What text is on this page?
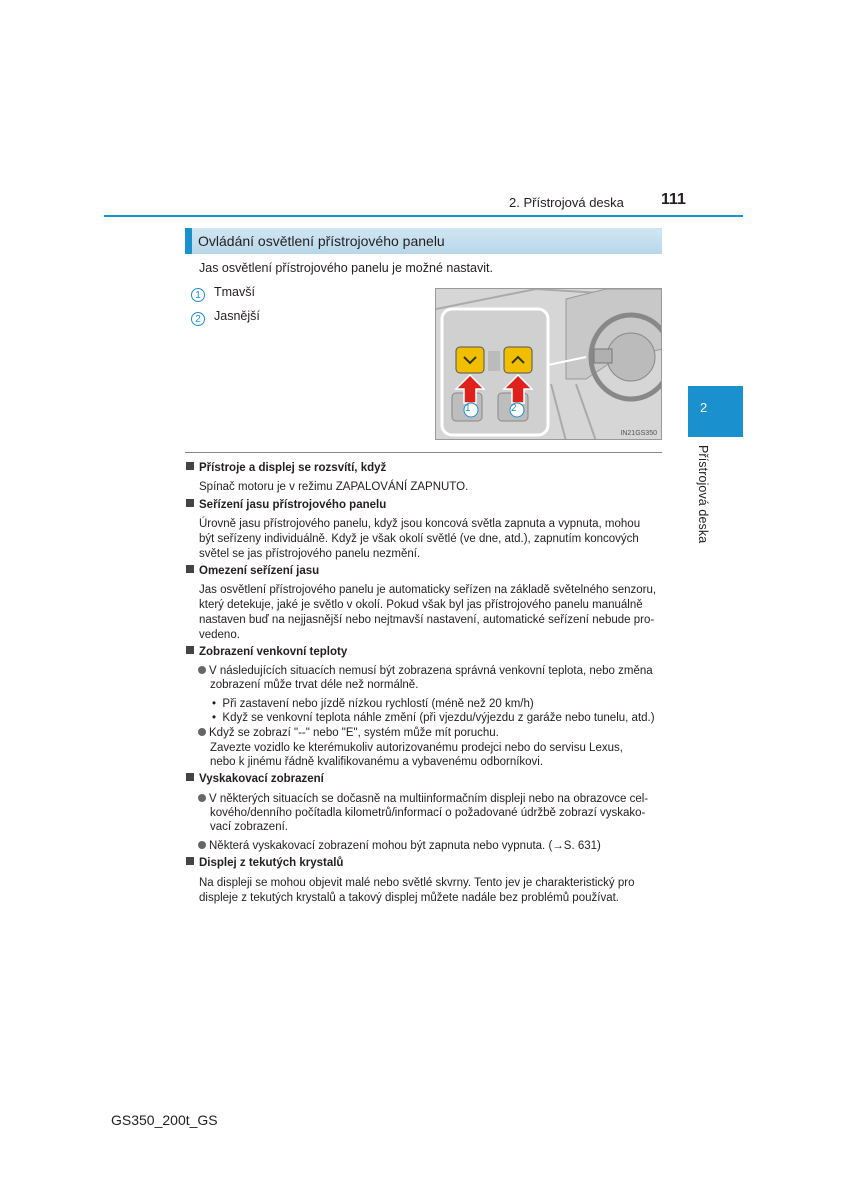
2. Přístrojová deska 111
2
Přístrojová deska
Ovládání osvětlení přístrojového panelu
Jas osvětlení přístrojového panelu je možné nastavit.
1	Tmavší
2	Jasnější
1	2
IN21GS350
Přístroje a displej se rozsvítí, když
Spínač motoru je v režimu ZAPALOVÁNÍ ZAPNUTO.
Seřízení jasu přístrojového panelu
Úrovně jasu přístrojového panelu, když jsou koncová světla zapnuta a vypnuta, mohou
být seřízeny individuálně. Když je však okolí světlé (ve dne, atd.), zapnutím koncových
světel se jas přístrojového panelu nezmění.
Omezení seřízení jasu
Jas osvětlení přístrojového panelu je automaticky seřízen na základě světelného senzoru,
který detekuje, jaké je světlo v okolí. Pokud však byl jas přístrojového panelu manuálně
nastaven buď na nejjasnější nebo nejtmavší nastavení, automatické seřízení nebude pro-
vedeno.
Zobrazení venkovní teploty
V následujících situacích nemusí být zobrazena správná venkovní teplota, nebo změna
zobrazení může trvat déle než normálně.
•  Při zastavení nebo jízdě nízkou rychlostí (méně než 20 km/h)
•  Když se venkovní teplota náhle změní (při vjezdu/výjezdu z garáže nebo tunelu, atd.)
Když se zobrazí "--" nebo "E", systém může mít poruchu.
Zavezte vozidlo ke kterémukoliv autorizovanému prodejci nebo do servisu Lexus,
nebo k jinému řádně kvalifikovanému a vybavenému odborníkovi.
Vyskakovací zobrazení
V některých situacích se dočasně na multiinformačním displeji nebo na obrazovce cel-
kového/denního počítadla kilometrů/informací o požadované údržbě zobrazí vyskako-
vací zobrazení.
Některá vyskakovací zobrazení mohou být zapnuta nebo vypnuta. (→S. 631)
Displej z tekutých krystalů
Na displeji se mohou objevit malé nebo světlé skvrny. Tento jev je charakteristický pro
displeje z tekutých krystalů a takový displej můžete nadále bez problémů používat.
GS350_200t_GS
